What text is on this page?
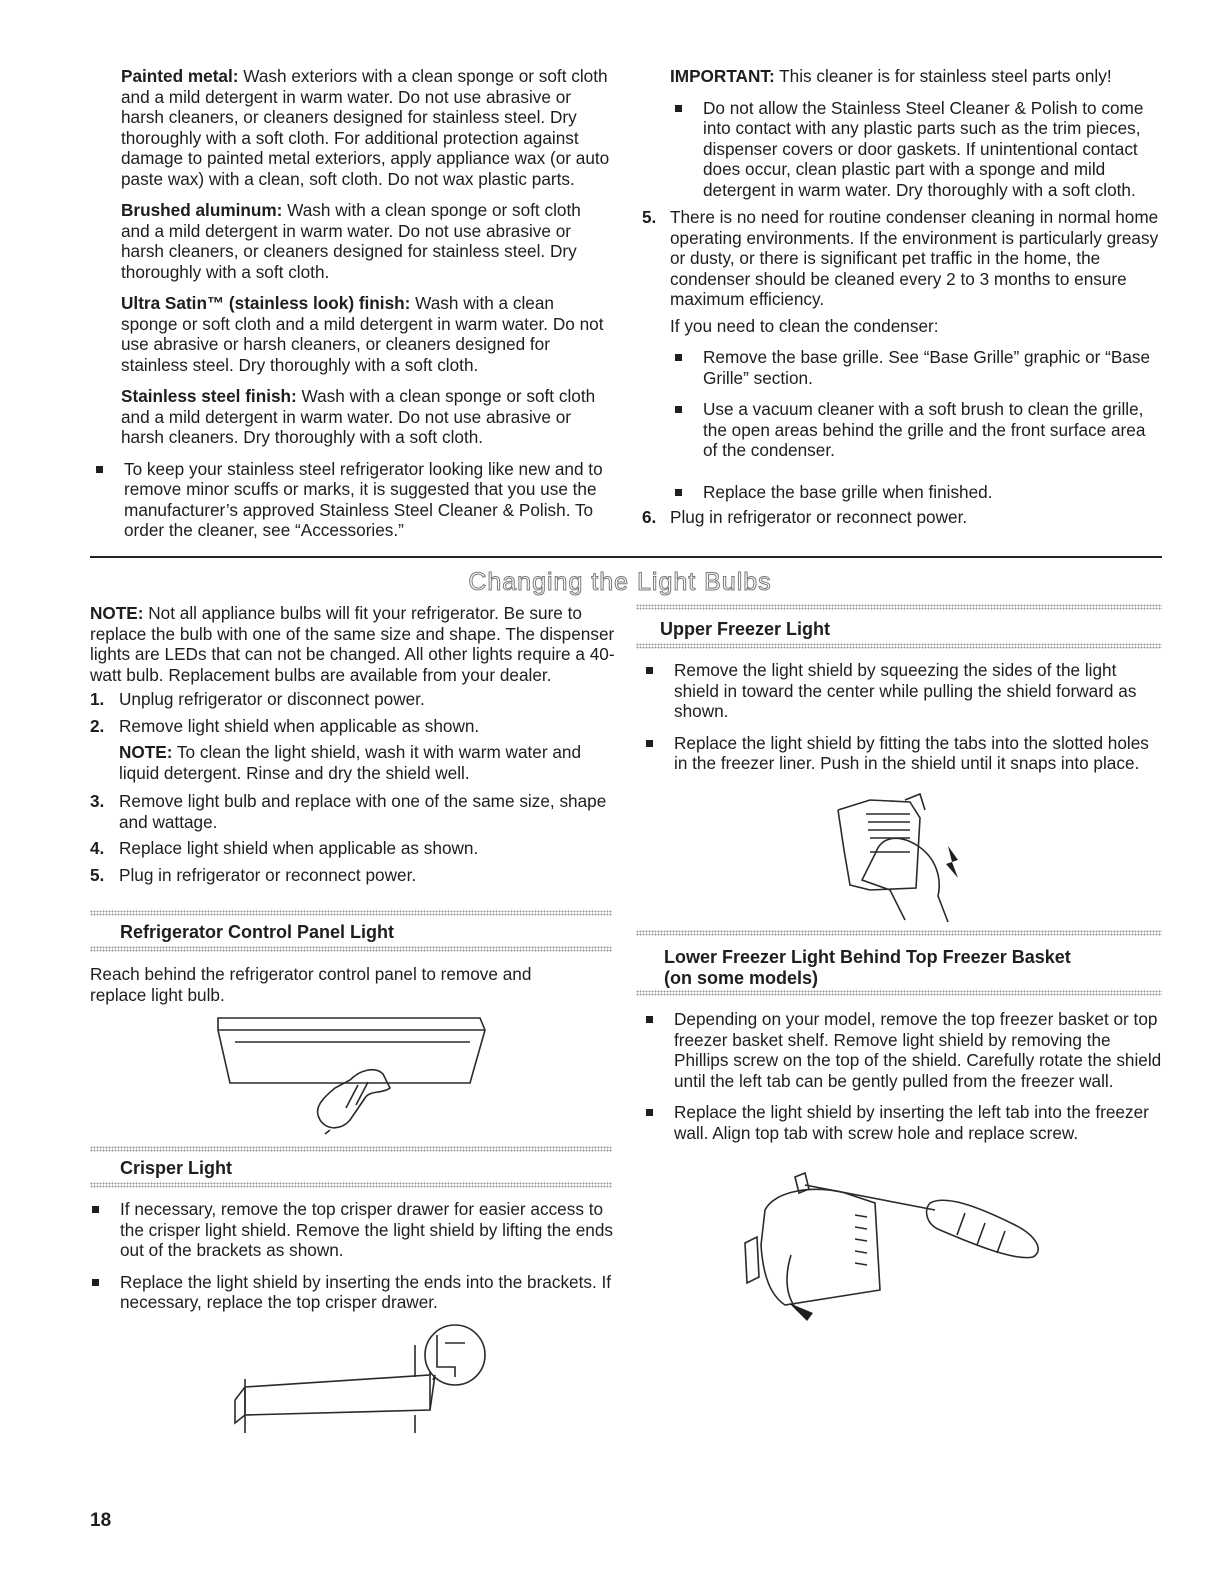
Painted metal: Wash exteriors with a clean sponge or soft cloth and a mild detergent in warm water. Do not use abrasive or harsh cleaners, or cleaners designed for stainless steel. Dry thoroughly with a soft cloth. For additional protection against damage to painted metal exteriors, apply appliance wax (or auto paste wax) with a clean, soft cloth. Do not wax plastic parts.

Brushed aluminum: Wash with a clean sponge or soft cloth and a mild detergent in warm water. Do not use abrasive or harsh cleaners, or cleaners designed for stainless steel. Dry thoroughly with a soft cloth.

Ultra Satin™ (stainless look) finish: Wash with a clean sponge or soft cloth and a mild detergent in warm water. Do not use abrasive or harsh cleaners, or cleaners designed for stainless steel. Dry thoroughly with a soft cloth.

Stainless steel finish: Wash with a clean sponge or soft cloth and a mild detergent in warm water. Do not use abrasive or harsh cleaners. Dry thoroughly with a soft cloth.

To keep your stainless steel refrigerator looking like new and to remove minor scuffs or marks, it is suggested that you use the manufacturer’s approved Stainless Steel Cleaner & Polish. To order the cleaner, see “Accessories.”

IMPORTANT: This cleaner is for stainless steel parts only!

Do not allow the Stainless Steel Cleaner & Polish to come into contact with any plastic parts such as the trim pieces, dispenser covers or door gaskets. If unintentional contact does occur, clean plastic part with a sponge and mild detergent in warm water. Dry thoroughly with a soft cloth.
5. There is no need for routine condenser cleaning in normal home operating environments. If the environment is particularly greasy or dusty, or there is significant pet traffic in the home, the condenser should be cleaned every 2 to 3 months to ensure maximum efficiency.

If you need to clean the condenser:

Remove the base grille. See “Base Grille” graphic or “Base Grille” section.
Use a vacuum cleaner with a soft brush to clean the grille, the open areas behind the grille and the front surface area of the condenser.
Replace the base grille when finished.
6. Plug in refrigerator or reconnect power.
Changing the Light Bulbs

NOTE: Not all appliance bulbs will fit your refrigerator. Be sure to replace the bulb with one of the same size and shape. The dispenser lights are LEDs that can not be changed. All other lights require a 40-watt bulb. Replacement bulbs are available from your dealer.

1. Unplug refrigerator or disconnect power.
2. Remove light shield when applicable as shown.

NOTE: To clean the light shield, wash it with warm water and liquid detergent. Rinse and dry the shield well.

3. Remove light bulb and replace with one of the same size, shape and wattage.
4. Replace light shield when applicable as shown.
5. Plug in refrigerator or reconnect power.
Refrigerator Control Panel Light

Reach behind the refrigerator control panel to remove and replace light bulb.

Crisper Light
If necessary, remove the top crisper drawer for easier access to the crisper light shield. Remove the light shield by lifting the ends out of the brackets as shown.
Replace the light shield by inserting the ends into the brackets. If necessary, replace the top crisper drawer.
Upper Freezer Light
Remove the light shield by squeezing the sides of the light shield in toward the center while pulling the shield forward as shown.
Replace the light shield by fitting the tabs into the slotted holes in the freezer liner. Push in the shield until it snaps into place.
Lower Freezer Light Behind Top Freezer Basket
(on some models)
Depending on your model, remove the top freezer basket or top freezer basket shelf. Remove light shield by removing the Phillips screw on the top of the shield. Carefully rotate the shield until the left tab can be gently pulled from the freezer wall.
Replace the light shield by inserting the left tab into the freezer wall. Align top tab with screw hole and replace screw.
18
